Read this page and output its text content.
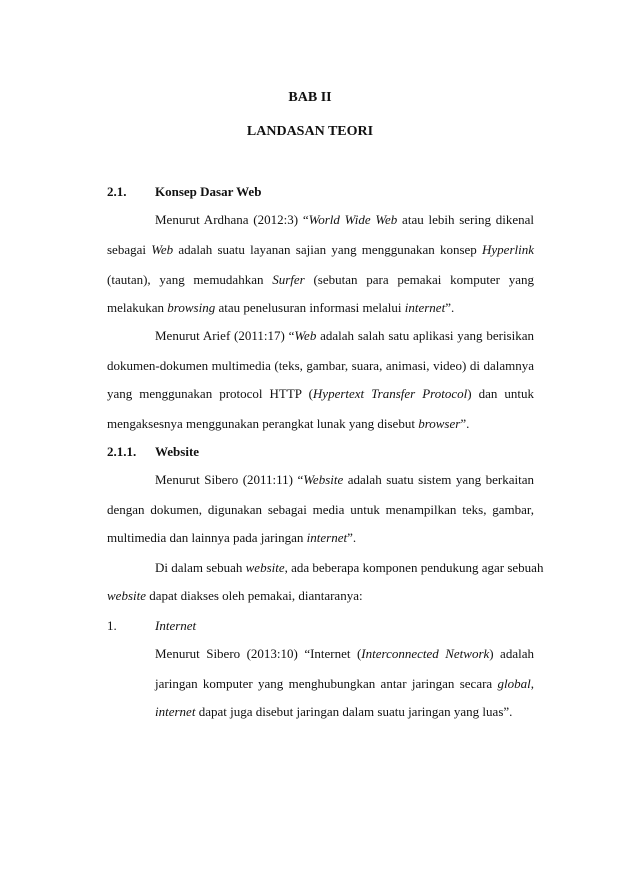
BAB II
LANDASAN TEORI
2.1. Konsep Dasar Web
Menurut Ardhana (2012:3) “World Wide Web atau lebih sering dikenal
sebagai Web adalah suatu layanan sajian yang menggunakan konsep Hyperlink
(tautan), yang memudahkan Surfer (sebutan para pemakai komputer yang
melakukan browsing atau penelusuran informasi melalui internet”.
Menurut Arief (2011:17) “Web adalah salah satu aplikasi yang berisikan
dokumen-dokumen multimedia (teks, gambar, suara, animasi, video) di dalamnya
yang menggunakan protocol HTTP (Hypertext Transfer Protocol) dan untuk
mengaksesnya menggunakan perangkat lunak yang disebut browser”.
2.1.1. Website
Menurut Sibero (2011:11) “Website adalah suatu sistem yang berkaitan
dengan dokumen, digunakan sebagai media untuk menampilkan teks, gambar,
multimedia dan lainnya pada jaringan internet”.
Di dalam sebuah website, ada beberapa komponen pendukung agar sebuah
website dapat diakses oleh pemakai, diantaranya:
1.	Internet
Menurut Sibero (2013:10) “Internet (Interconnected Network) adalah
jaringan komputer yang menghubungkan antar jaringan secara global,
internet dapat juga disebut jaringan dalam suatu jaringan yang luas”.
